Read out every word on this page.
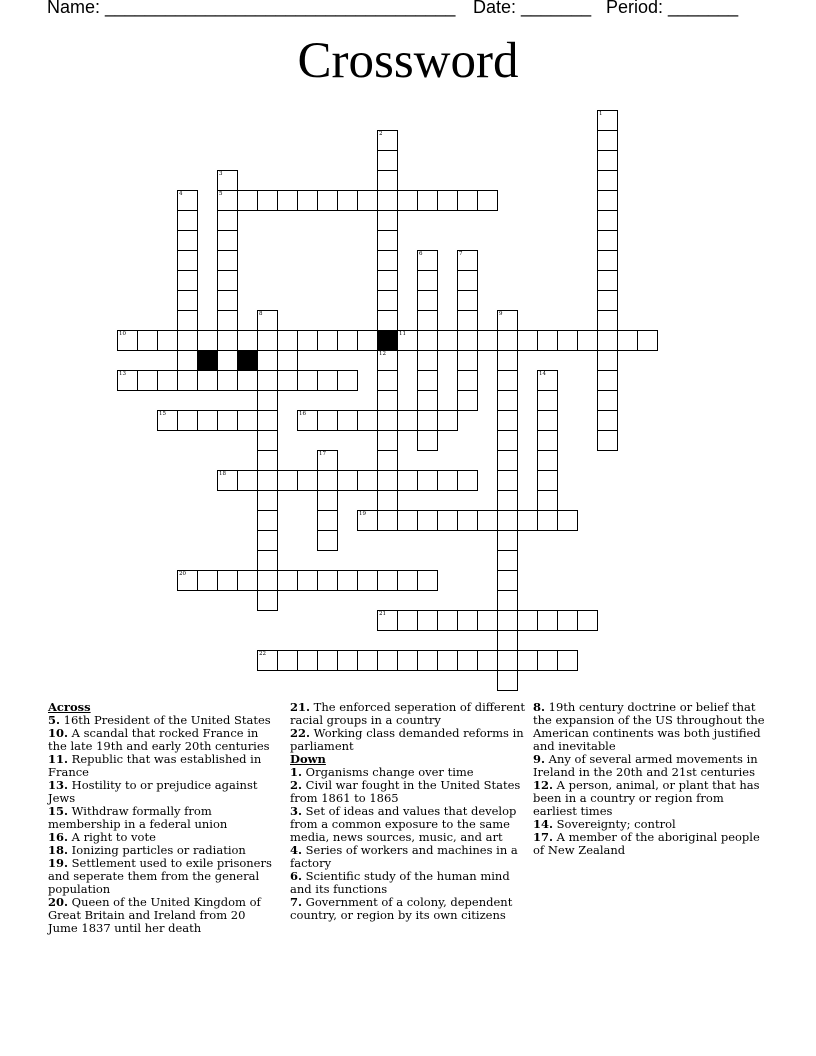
Name: ___________________________________ Date: _______ Period: _______
Crossword
1
2
12
3
5
4
6	7
8	9
10	11
13	14
15	16
17
18
19
20
21
22

Across

5. 16th President of the United States

10. A scandal that rocked France in the late 19th and early 20th centuries

11. Republic that was established in France

13. Hostility to or prejudice against Jews

15. Withdraw formally from membership in a federal union

16. A right to vote

18. Ionizing particles or radiation

19. Settlement used to exile prisoners and seperate them from the general population

20. Queen of the United Kingdom of Great Britain and Ireland from 20 Jume 1837 until her death

21. The enforced seperation of different racial groups in a country

22. Working class demanded reforms in parliament

Down

1. Organisms change over time

2. Civil war fought in the United States from 1861 to 1865

3. Set of ideas and values that develop from a common exposure to the same media, news sources, music, and art

4. Series of workers and machines in a factory

6. Scientific study of the human mind and its functions

7. Government of a colony, dependent country, or region by its own citizens

8. 19th century doctrine or belief that the expansion of the US throughout the American continents was both justified and inevitable

9. Any of several armed movements in Ireland in the 20th and 21st centuries

12. A person, animal, or plant that has been in a country or region from earliest times

14. Sovereignty; control

17. A member of the aboriginal people of New Zealand
